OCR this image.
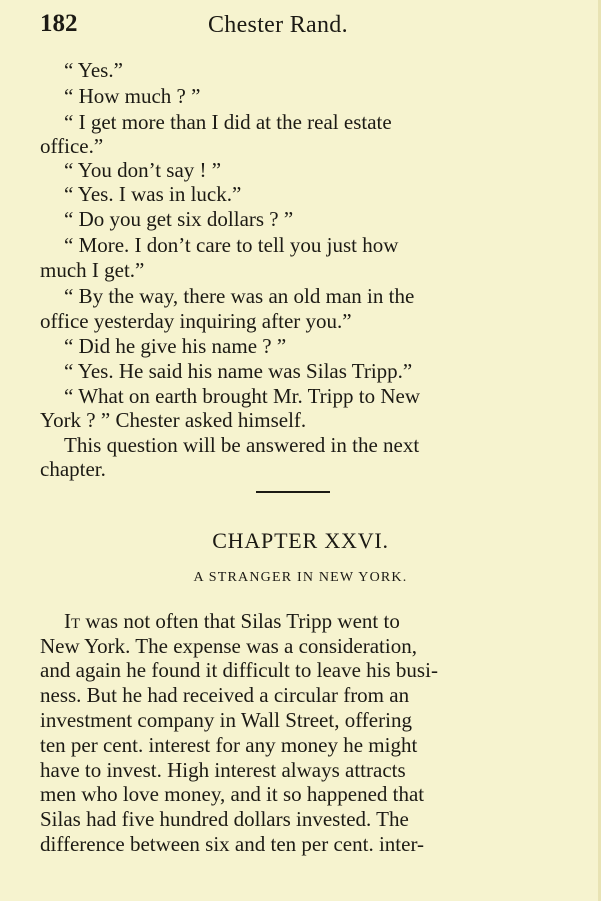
182	Chester Rand.
“ Yes.”
“ How much ? ”
“ I get more than I did at the real estate
office.”
“ You don’t say ! ”
“ Yes. I was in luck.”
“ Do you get six dollars ? ”
“ More. I don’t care to tell you just how
much I get.”
“ By the way, there was an old man in the
office yesterday inquiring after you.”
“ Did he give his name ? ”
“ Yes. He said his name was Silas Tripp.”
“ What on earth brought Mr. Tripp to New
York ? ” Chester asked himself.
This question will be answered in the next
chapter.
CHAPTER XXVI.
A STRANGER IN NEW YORK.
It was not often that Silas Tripp went to
New York. The expense was a consideration,
and again he found it difficult to leave his busi-
ness. But he had received a circular from an
investment company in Wall Street, offering
ten per cent. interest for any money he might
have to invest. High interest always attracts
men who love money, and it so happened that
Silas had five hundred dollars invested. The
difference between six and ten per cent. inter-
